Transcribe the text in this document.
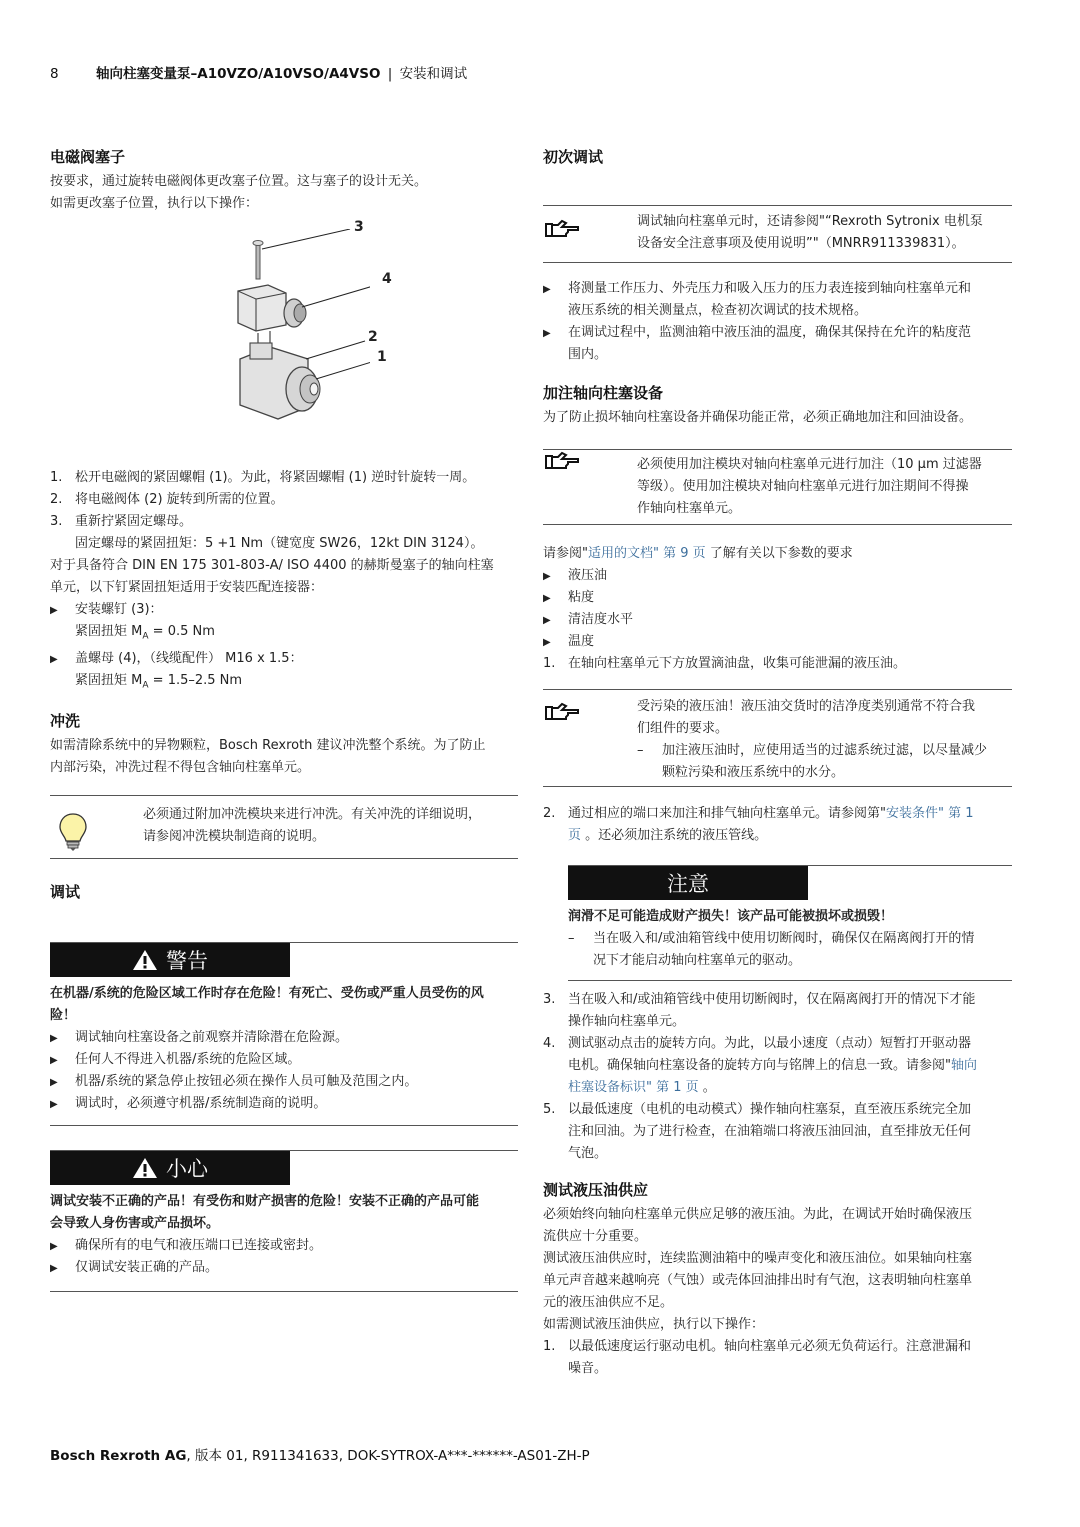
8	轴向柱塞变量泵–A10VZO/A10VSO/A4VSO | 安装和调试
电磁阀塞子

按要求，通过旋转电磁阀体更改塞子位置。这与塞子的设计无关。

如需更改塞子位置，执行以下操作：

3
4
2
1
1. 松开电磁阀的紧固螺帽 (1)。为此，将紧固螺帽 (1) 逆时针旋转一周。
2. 将电磁阀体 (2) 旋转到所需的位置。
3. 重新拧紧固定螺母。
固定螺母的紧固扭矩：5 +1 Nm（键宽度 SW26，12kt DIN 3124）。

对于具备符合 DIN EN 175 301-803-A/ ISO 4400 的赫斯曼塞子的轴向柱塞

单元，以下钉紧固扭矩适用于安装匹配连接器：

▶ 安装螺钉 (3)：
紧固扭矩 $M_A = 0.5$ Nm
▶ 盖螺母 (4)，（线缆配件） M16 x 1.5：
紧固扭矩 $M_A = 1.5-2.5$ Nm
冲洗

如需清除系统中的异物颗粒，Bosch Rexroth 建议冲洗整个系统。为了防止

内部污染，冲洗过程不得包含轴向柱塞单元。

必须通过附加冲洗模块来进行冲洗。有关冲洗的详细说明，
请参阅冲洗模块制造商的说明。
调试
警告
在机器/系统的危险区域工作时存在危险！有死亡、受伤或严重人员受伤的风
险！
▶ 调试轴向柱塞设备之前观察并清除潜在危险源。
▶ 任何人不得进入机器/系统的危险区域。
▶ 机器/系统的紧急停止按钮必须在操作人员可触及范围之内。
▶ 调试时，必须遵守机器/系统制造商的说明。
小心
调试安装不正确的产品！有受伤和财产损害的危险！安装不正确的产品可能
会导致人身伤害或产品损坏。
▶ 确保所有的电气和液压端口已连接或密封。
▶ 仅调试安装正确的产品。
初次调试
调试轴向柱塞单元时，还请参阅"“Rexroth Sytronix 电机泵
设备安全注意事项及使用说明”"（MNRR911339831）。
▶ 将测量工作压力、外壳压力和吸入压力的压力表连接到轴向柱塞单元和
液压系统的相关测量点，检查初次调试的技术规格。
▶ 在调试过程中，监测油箱中液压油的温度，确保其保持在允许的粘度范
围内。
加注轴向柱塞设备

为了防止损坏轴向柱塞设备并确保功能正常，必须正确地加注和回油设备。

必须使用加注模块对轴向柱塞单元进行加注（10 μm 过滤器
等级）。使用加注模块对轴向柱塞单元进行加注期间不得操
作轴向柱塞单元。

请参阅"适用的文档" 第 9 页 了解有关以下参数的要求

▶ 液压油
▶ 粘度
▶ 清洁度水平
▶ 温度
1. 在轴向柱塞单元下方放置滴油盘，收集可能泄漏的液压油。
受污染的液压油！液压油交货时的洁净度类别通常不符合我
们组件的要求。
– 加注液压油时，应使用适当的过滤系统过滤，以尽量减少
颗粒污染和液压系统中的水分。
2. 通过相应的端口来加注和排气轴向柱塞单元。请参阅第"安装条件" 第 1
页 。还必须加注系统的液压管线。
注意
润滑不足可能造成财产损失！该产品可能被损坏或损毁！
– 当在吸入和/或油箱管线中使用切断阀时，确保仅在隔离阀打开的情
况下才能启动轴向柱塞单元的驱动。
3. 当在吸入和/或油箱管线中使用切断阀时，仅在隔离阀打开的情况下才能
操作轴向柱塞单元。
4. 测试驱动点击的旋转方向。为此，以最小速度（点动）短暂打开驱动器
电机。确保轴向柱塞设备的旋转方向与铭牌上的信息一致。请参阅"轴向
柱塞设备标识" 第 1 页 。
5. 以最低速度（电机的电动模式）操作轴向柱塞泵，直至液压系统完全加
注和回油。为了进行检查，在油箱端口将液压油回油，直至排放无任何
气泡。
测试液压油供应

必须始终向轴向柱塞单元供应足够的液压油。为此，在调试开始时确保液压
流供应十分重要。

测试液压油供应时，连续监测油箱中的噪声变化和液压油位。如果轴向柱塞
单元声音越来越响亮（气蚀）或壳体回油排出时有气泡，这表明轴向柱塞单
元的液压油供应不足。

如需测试液压油供应，执行以下操作：

1. 以最低速度运行驱动电机。轴向柱塞单元必须无负荷运行。注意泄漏和
噪音。
Bosch Rexroth AG, 版本 01, R911341633, DOK-SYTROX-A***-******-AS01-ZH-P
